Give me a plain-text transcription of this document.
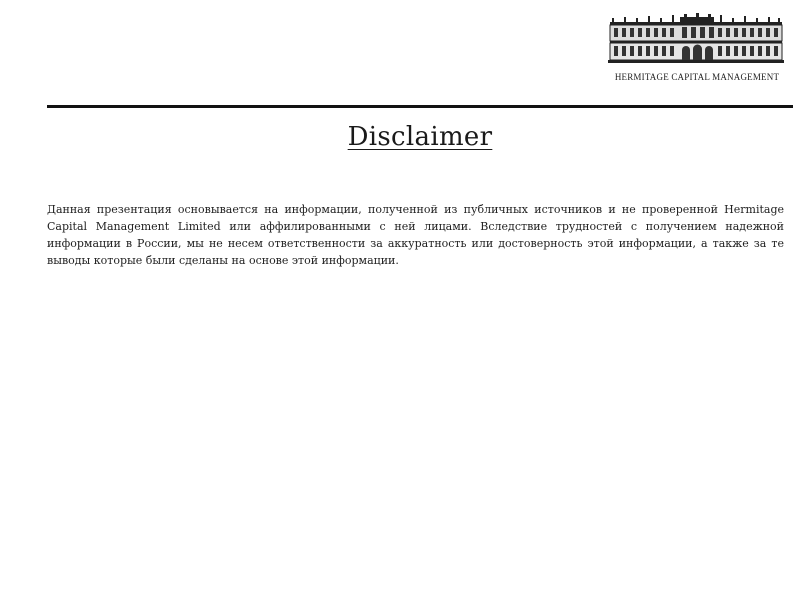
HERMITAGE CAPITAL MANAGEMENT
Disclaimer
Данная презентация основывается на информации, полученной из публичных источников и не проверенной Hermitage Capital Management Limited или аффилированными с ней лицами. Вследствие трудностей с получением надежной информации в России, мы не несем ответственности за аккуратность или достоверность этой информации, а также за те выводы которые были сделаны на основе этой информации.
